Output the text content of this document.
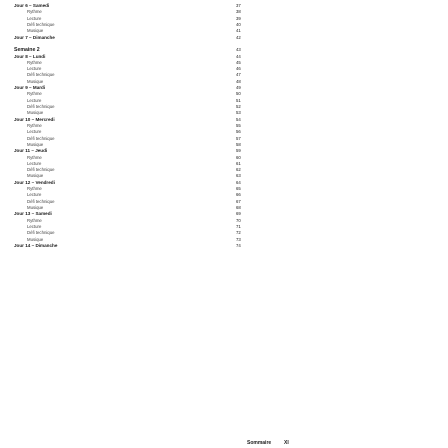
Jour 6 – Samedi
Rythme
Lecture
Défi technique
Musique
Jour 7 – Dimanche
Semaine 2
Jour 8 – Lundi
Rythme
Lecture
Défi technique
Musique
Jour 9 – Mardi
Rythme
Lecture
Défi technique
Musique
Jour 10 – Mercredi
Rythme
Lecture
Défi technique
Musique
Jour 11 – Jeudi
Rythme
Lecture
Défi technique
Musique
Jour 12 – Vendredi
Rythme
Lecture
Défi technique
Musique
Jour 13 – Samedi
Rythme
Lecture
Défi technique
Musique
Jour 14 – Dimanche
37
38
39
40
41
42
43
44
45
46
47
48
49
50
51
52
53
54
55
56
57
58
59
60
61
62
63
64
65
66
67
68
69
70
71
72
73
74
Sommaire	XI
